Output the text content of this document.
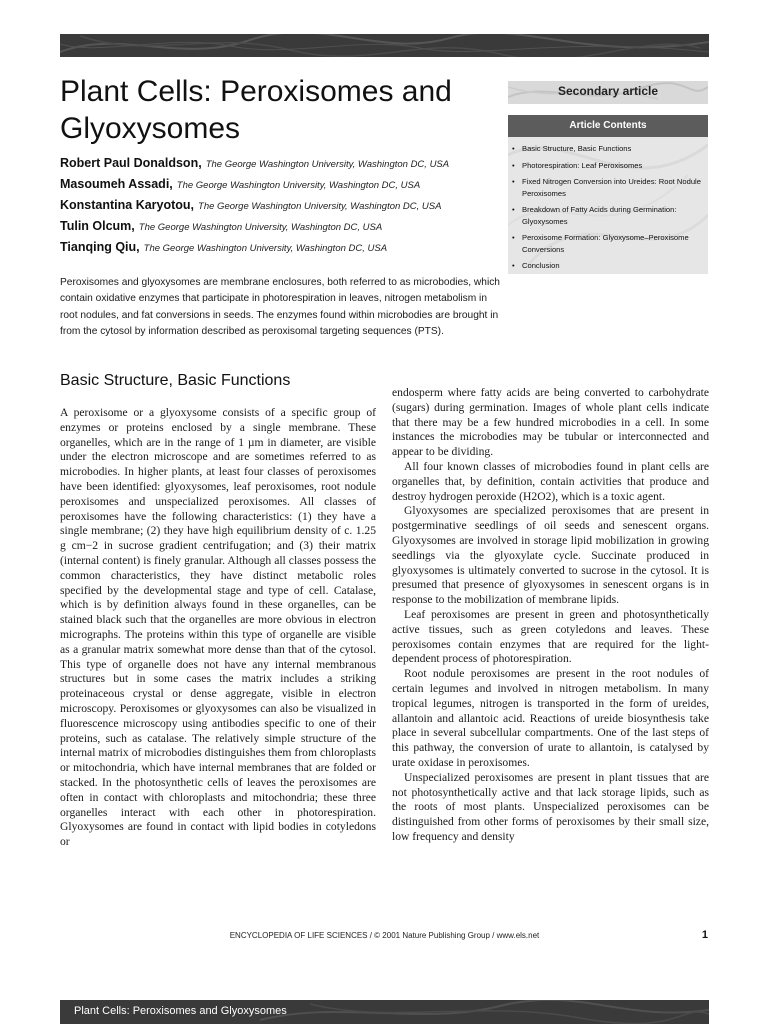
Plant Cells: Peroxisomes and Glyoxysomes
Robert Paul Donaldson, The George Washington University, Washington DC, USA
Masoumeh Assadi, The George Washington University, Washington DC, USA
Konstantina Karyotou, The George Washington University, Washington DC, USA
Tulin Olcum, The George Washington University, Washington DC, USA
Tianqing Qiu, The George Washington University, Washington DC, USA

Peroxisomes and glyoxysomes are membrane enclosures, both referred to as microbodies, which contain oxidative enzymes that participate in photorespiration in leaves, nitrogen metabolism in root nodules, and fat conversions in seeds. The enzymes found within microbodies are brought in from the cytosol by information described as peroxisomal targeting sequences (PTS).

Secondary article
Article Contents
• Basic Structure, Basic Functions
• Photorespiration: Leaf Peroxisomes
• Fixed Nitrogen Conversion into Ureides: Root Nodule Peroxisomes
• Breakdown of Fatty Acids during Germination: Glyoxysomes
• Peroxisome Formation: Glyoxysome–Peroxisome Conversions
• Conclusion
Basic Structure, Basic Functions

A peroxisome or a glyoxysome consists of a specific group of enzymes or proteins enclosed by a single membrane. These organelles, which are in the range of 1 µm in diameter, are visible under the electron microscope and are sometimes referred to as microbodies. In higher plants, at least four classes of peroxisomes have been identified: glyoxysomes, leaf peroxisomes, root nodule peroxisomes and unspecialized peroxisomes. All classes of peroxisomes have the following characteristics: (1) they have a single membrane; (2) they have high equilibrium density of c. 1.25 g cm−2 in sucrose gradient centrifugation; and (3) their matrix (internal content) is finely granular. Although all classes possess the common characteristics, they have distinct metabolic roles specified by the developmental stage and type of cell. Catalase, which is by definition always found in these organelles, can be stained black such that the organelles are more obvious in electron micrographs. The proteins within this type of organelle are visible as a granular matrix somewhat more dense than that of the cytosol. This type of organelle does not have any internal membranous structures but in some cases the matrix includes a striking proteinaceous crystal or dense aggregate, visible in electron microscopy. Peroxisomes or glyoxysomes can also be visualized in fluorescence microscopy using antibodies specific to one of their proteins, such as catalase. The relatively simple structure of the internal matrix of microbodies distinguishes them from chloroplasts or mitochondria, which have internal membranes that are folded or stacked. In the photosynthetic cells of leaves the peroxisomes are often in contact with chloroplasts and mitochondria; these three organelles interact with each other in photorespiration. Glyoxysomes are found in contact with lipid bodies in cotyledons or

endosperm where fatty acids are being converted to carbohydrate (sugars) during germination. Images of whole plant cells indicate that there may be a few hundred microbodies in a cell. In some instances the microbodies may be tubular or interconnected and appear to be dividing.

All four known classes of microbodies found in plant cells are organelles that, by definition, contain activities that produce and destroy hydrogen peroxide (H2O2), which is a toxic agent.

Glyoxysomes are specialized peroxisomes that are present in postgerminative seedlings of oil seeds and senescent organs. Glyoxysomes are involved in storage lipid mobilization in growing seedlings via the glyoxylate cycle. Succinate produced in glyoxysomes is ultimately converted to sucrose in the cytosol. It is presumed that presence of glyoxysomes in senescent organs is in response to the mobilization of membrane lipids.

Leaf peroxisomes are present in green and photosynthetically active tissues, such as green cotyledons and leaves. These peroxisomes contain enzymes that are required for the light-dependent process of photorespiration.

Root nodule peroxisomes are present in the root nodules of certain legumes and involved in nitrogen metabolism. In many tropical legumes, nitrogen is transported in the form of ureides, allantoin and allantoic acid. Reactions of ureide biosynthesis take place in several subcellular compartments. One of the last steps of this pathway, the conversion of urate to allantoin, is catalysed by urate oxidase in peroxisomes.

Unspecialized peroxisomes are present in plant tissues that are not photosynthetically active and that lack storage lipids, such as the roots of most plants. Unspecialized peroxisomes can be distinguished from other forms of peroxisomes by their small size, low frequency and density

ENCYCLOPEDIA OF LIFE SCIENCES / © 2001 Nature Publishing Group / www.els.net	1
Plant Cells: Peroxisomes and Glyoxysomes
